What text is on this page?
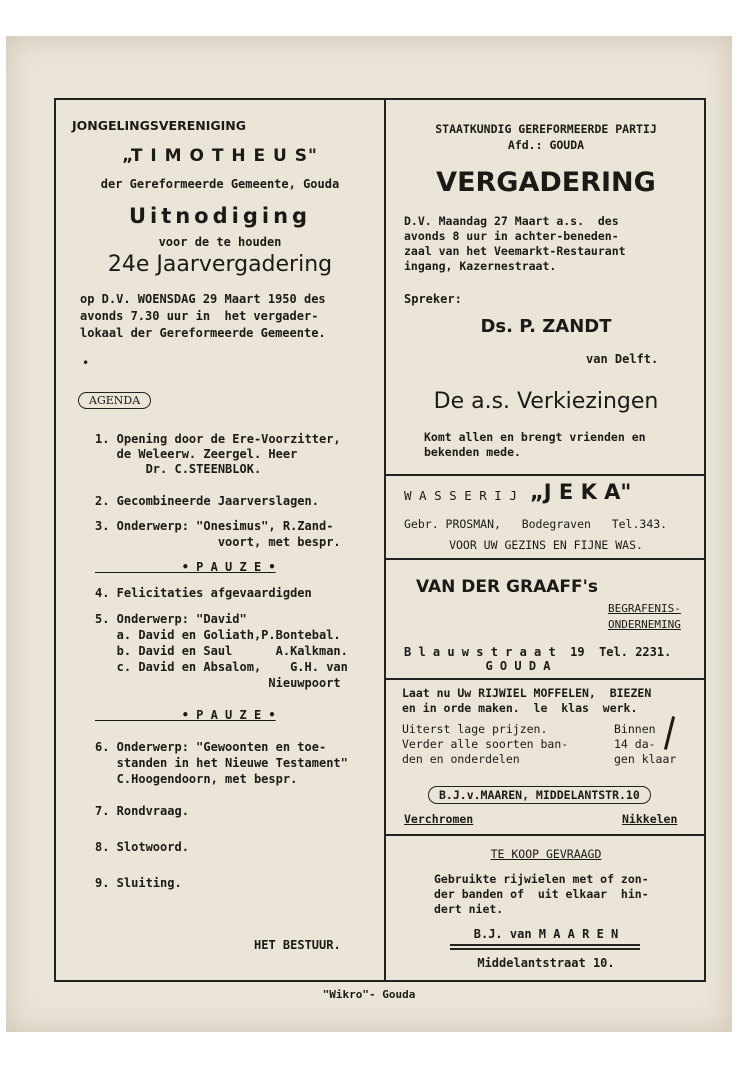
JONGELINGSVERENIGING
„T I M O T H E U S"
der Gereformeerde Gemeente, Gouda
Uitnodiging
voor de te houden
24e Jaarvergadering
op D.V. WOENSDAG 29 Maart 1950 des
avonds 7.30 uur in  het vergader-
lokaal der Gereformeerde Gemeente.
•
AGENDA
1. Opening door de Ere-Voorzitter,
de Weleerw. Zeergel. Heer
Dr. C.STEENBLOK.
2. Gecombineerde Jaarverslagen.
3. Onderwerp: "Onesimus", R.Zand-
voort, met bespr.
• P A U Z E •
4. Felicitaties afgevaardigden
5. Onderwerp: "David"
a. David en Goliath,P.Bontebal.
b. David en Saul      A.Kalkman.
c. David en Absalom,    G.H. van
Nieuwpoort
• P A U Z E •
6. Onderwerp: "Gewoonten en toe-
standen in het Nieuwe Testament"
C.Hoogendoorn, met bespr.
7. Rondvraag.
8. Slotwoord.
9. Sluiting.
HET BESTUUR.
STAATKUNDIG GEREFORMEERDE PARTIJ
Afd.: GOUDA
VERGADERING
D.V. Maandag 27 Maart a.s.  des
avonds 8 uur in achter-beneden-
zaal van het Veemarkt-Restaurant
ingang, Kazernestraat.
Spreker:
Ds. P. ZANDT
van Delft.
De a.s. Verkiezingen
Komt allen en brengt vrienden en
bekenden mede.
W A S S E R I J „J E K A"
Gebr. PROSMAN,   Bodegraven   Tel.343.
VOOR UW GEZINS EN FIJNE WAS.
VAN DER GRAAFF's
BEGRAFENIS-
ONDERNEMING
B l a u w s t r a a t  19  Tel. 2231.
G O U D A
Laat nu Uw RIJWIEL MOFFELEN,  BIEZEN
en in orde maken.  le  klas  werk.
Uiterst lage prijzen.
Verder alle soorten ban-
den en onderdelen
Binnen
14 da-
gen klaar
B.J.v.MAAREN, MIDDELANTSTR.10
Verchromen	Nikkelen
TE KOOP GEVRAAGD
Gebruikte rijwielen met of zon-
der banden of  uit elkaar  hin-
dert niet.
B.J. van M A A R E N
Middelantstraat 10.
"Wikro"- Gouda
